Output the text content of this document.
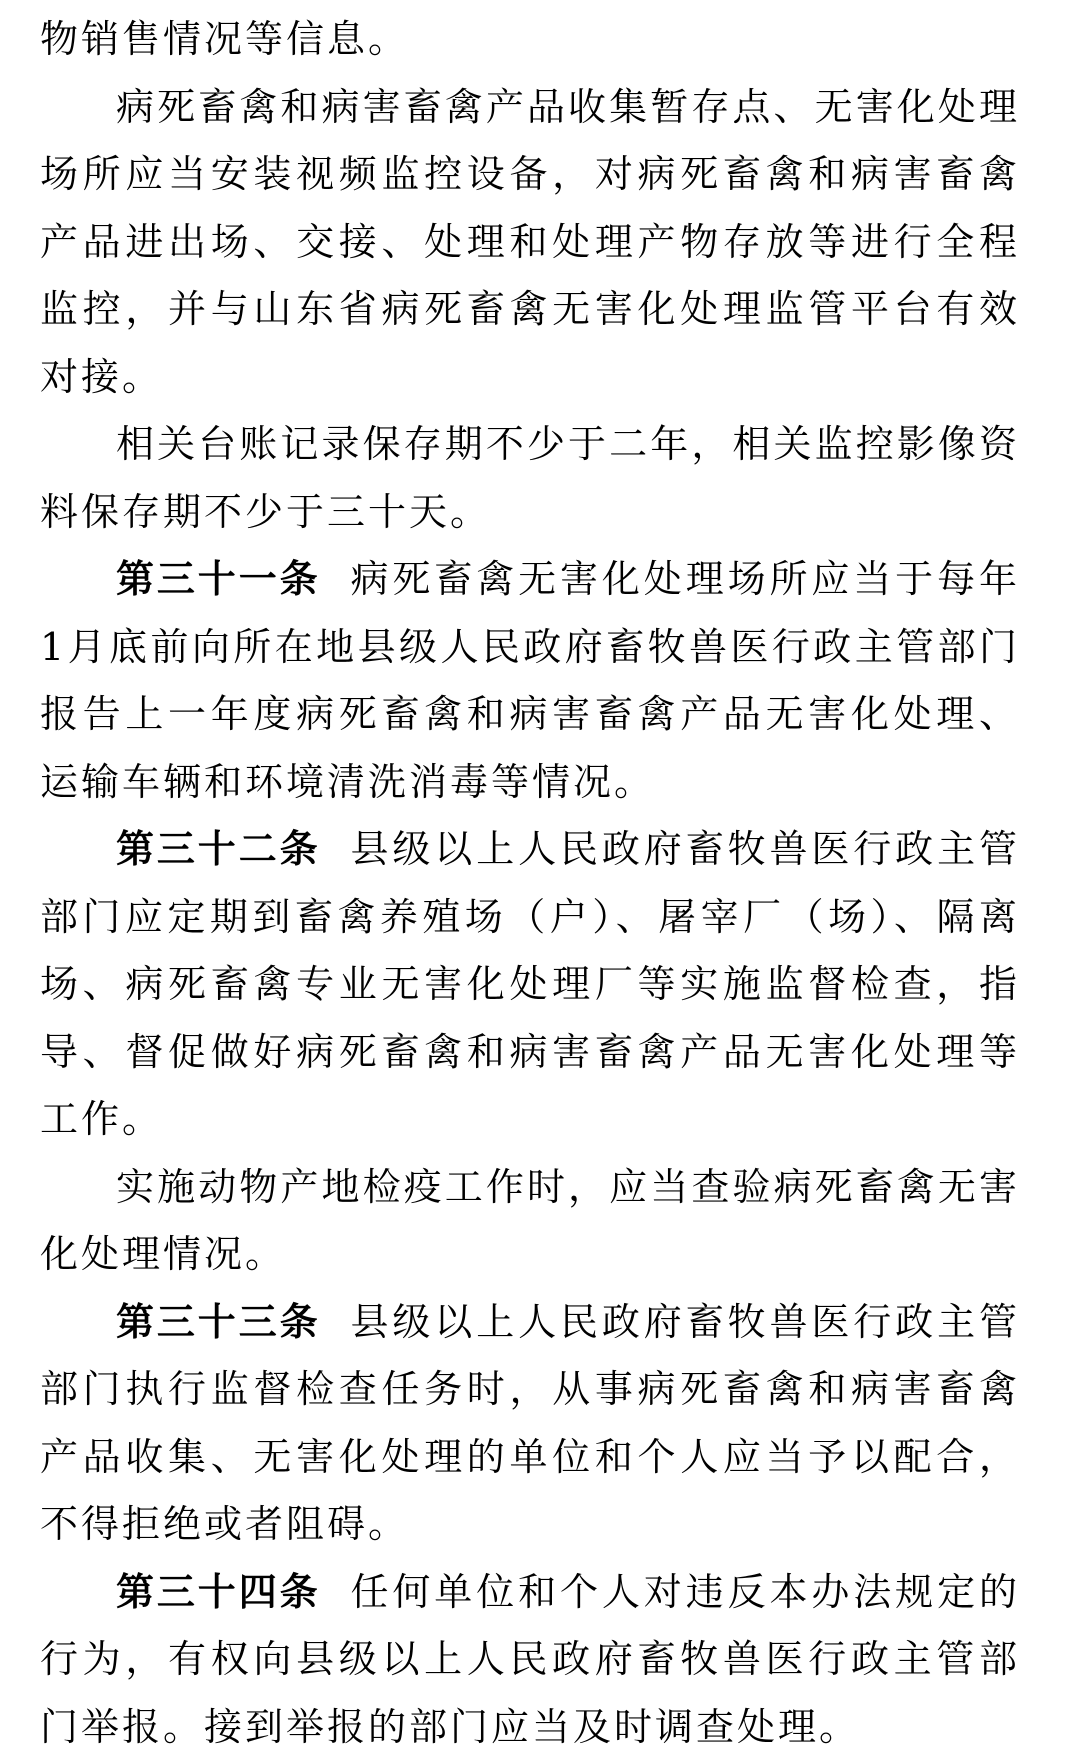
物销售情况等信息。

病死畜禽和病害畜禽产品收集暂存点、无害化处理场所应当安装视频监控设备，对病死畜禽和病害畜禽产品进出场、交接、处理和处理产物存放等进行全程监控，并与山东省病死畜禽无害化处理监管平台有效对接。

相关台账记录保存期不少于二年，相关监控影像资料保存期不少于三十天。

第三十一条 病死畜禽无害化处理场所应当于每年1月底前向所在地县级人民政府畜牧兽医行政主管部门报告上一年度病死畜禽和病害畜禽产品无害化处理、运输车辆和环境清洗消毒等情况。

第三十二条 县级以上人民政府畜牧兽医行政主管部门应定期到畜禽养殖场（户）、屠宰厂（场）、隔离场、病死畜禽专业无害化处理厂等实施监督检查，指导、督促做好病死畜禽和病害畜禽产品无害化处理等工作。

实施动物产地检疫工作时，应当查验病死畜禽无害化处理情况。

第三十三条 县级以上人民政府畜牧兽医行政主管部门执行监督检查任务时，从事病死畜禽和病害畜禽产品收集、无害化处理的单位和个人应当予以配合，不得拒绝或者阻碍。

第三十四条 任何单位和个人对违反本办法规定的行为，有权向县级以上人民政府畜牧兽医行政主管部门举报。接到举报的部门应当及时调查处理。
